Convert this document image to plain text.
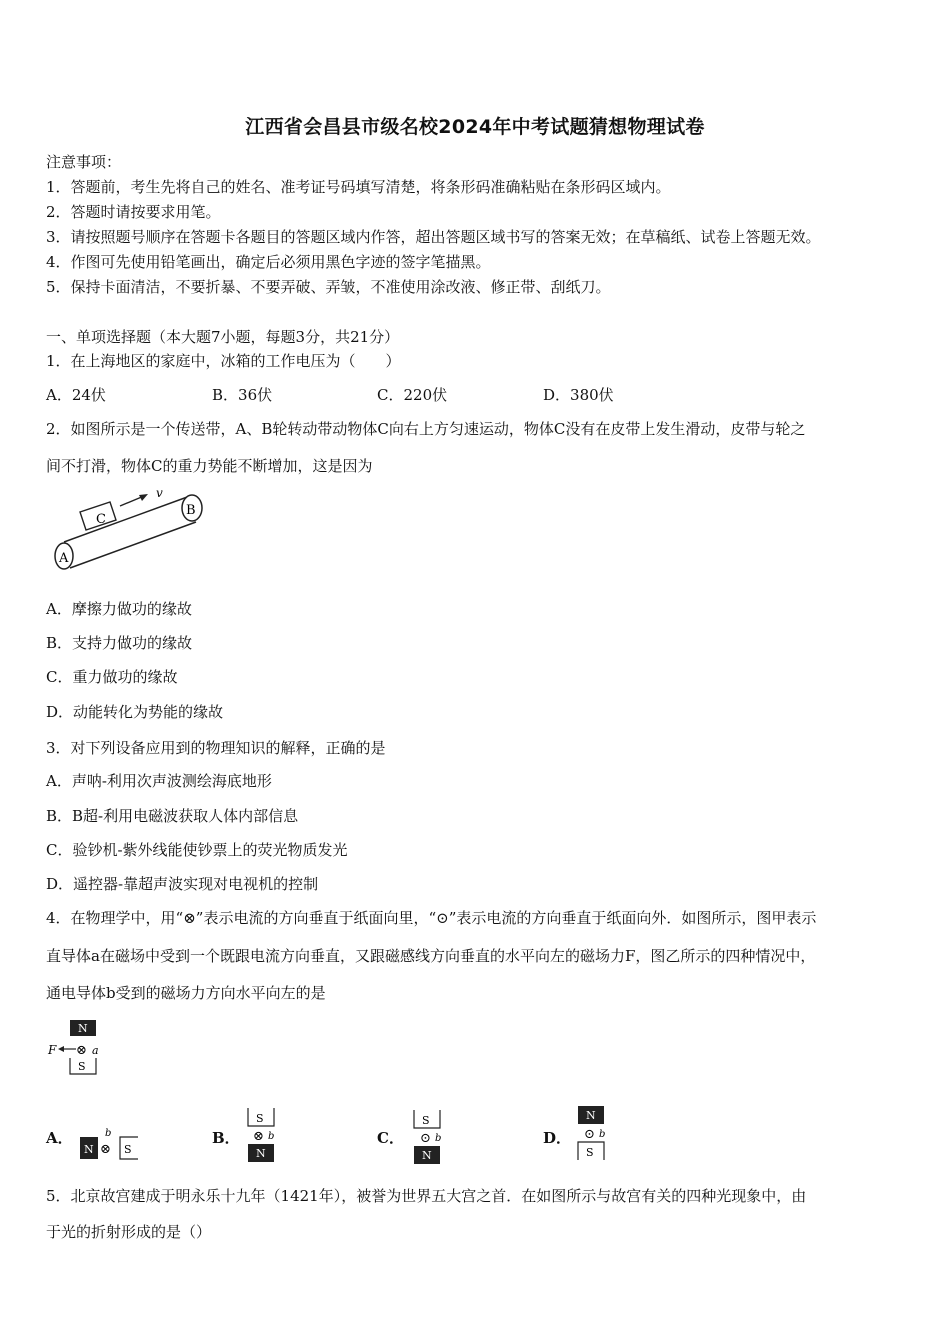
江西省会昌县市级名校2024年中考试题猜想物理试卷
注意事项：
1．答题前，考生先将自己的姓名、准考证号码填写清楚，将条形码准确粘贴在条形码区域内。
2．答题时请按要求用笔。
3．请按照题号顺序在答题卡各题目的答题区域内作答，超出答题区域书写的答案无效；在草稿纸、试卷上答题无效。
4．作图可先使用铅笔画出，确定后必须用黑色字迹的签字笔描黑。
5．保持卡面清洁，不要折暴、不要弄破、弄皱，不准使用涂改液、修正带、刮纸刀。
一、单项选择题（本大题7小题，每题3分，共21分）
1．在上海地区的家庭中，冰箱的工作电压为（　　）
A．24伏	B．36伏	C．220伏	D．380伏
2．如图所示是一个传送带，A、B轮转动带动物体C向右上方匀速运动，物体C没有在皮带上发生滑动，皮带与轮之
间不打滑，物体C的重力势能不断增加，这是因为
A
B
C
v
A．摩擦力做功的缘故
B．支持力做功的缘故
C．重力做功的缘故
D．动能转化为势能的缘故
3．对下列设备应用到的物理知识的解释，正确的是
A．声呐-利用次声波测绘海底地形
B．B超-利用电磁波获取人体内部信息
C．验钞机-紫外线能使钞票上的荧光物质发光
D．遥控器-靠超声波实现对电视机的控制
4．在物理学中，用“⊗”表示电流的方向垂直于纸面向里，“⊙”表示电流的方向垂直于纸面向外．如图所示，图甲表示
直导体a在磁场中受到一个既跟电流方向垂直，又跟磁感线方向垂直的水平向左的磁场力F，图乙所示的四种情况中，
通电导体b受到的磁场力方向水平向左的是
N
F ⊗ a
S
A．
N
b
⊗ S
B．
S
⊗ b
N
C．
S
⊙ b
N
D．
N
⊙ b
S
5．北京故宫建成于明永乐十九年（1421年），被誉为世界五大宫之首．在如图所示与故宫有关的四种光现象中，由
于光的折射形成的是（）
